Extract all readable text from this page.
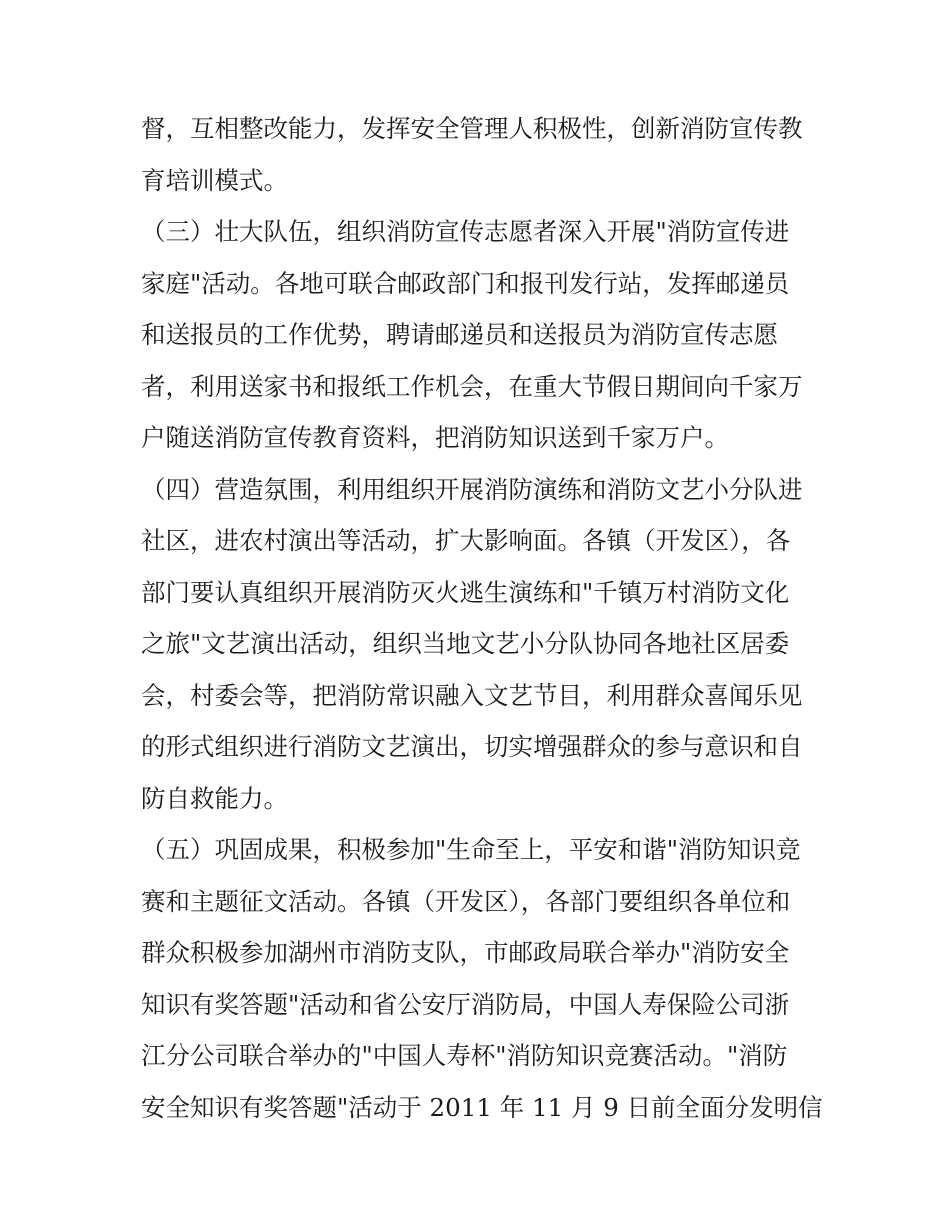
督，互相整改能力，发挥安全管理人积极性，创新消防宣传教
育培训模式。
（三）壮大队伍，组织消防宣传志愿者深入开展"消防宣传进
家庭"活动。各地可联合邮政部门和报刊发行站，发挥邮递员
和送报员的工作优势，聘请邮递员和送报员为消防宣传志愿
者，利用送家书和报纸工作机会，在重大节假日期间向千家万
户随送消防宣传教育资料，把消防知识送到千家万户。
（四）营造氛围，利用组织开展消防演练和消防文艺小分队进
社区，进农村演出等活动，扩大影响面。各镇（开发区），各
部门要认真组织开展消防灭火逃生演练和"千镇万村消防文化
之旅"文艺演出活动，组织当地文艺小分队协同各地社区居委
会，村委会等，把消防常识融入文艺节目，利用群众喜闻乐见
的形式组织进行消防文艺演出，切实增强群众的参与意识和自
防自救能力。
（五）巩固成果，积极参加"生命至上，平安和谐"消防知识竞
赛和主题征文活动。各镇（开发区），各部门要组织各单位和
群众积极参加湖州市消防支队，市邮政局联合举办"消防安全
知识有奖答题"活动和省公安厅消防局，中国人寿保险公司浙
江分公司联合举办的"中国人寿杯"消防知识竞赛活动。"消防
安全知识有奖答题"活动于 2011 年 11 月 9 日前全面分发明信
